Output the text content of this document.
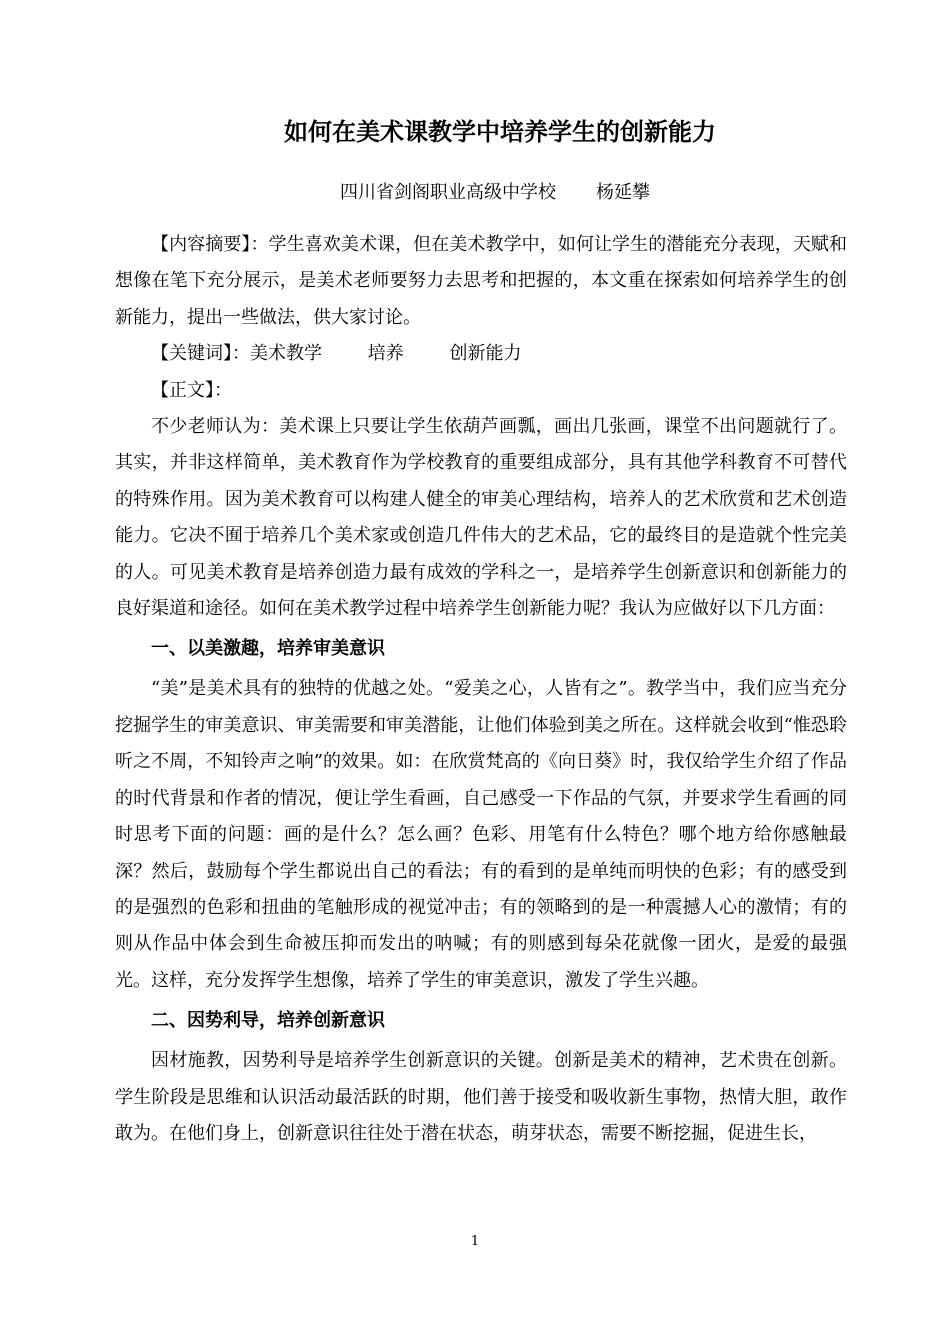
如何在美术课教学中培养学生的创新能力
四川省剑阁职业高级中学校       杨延攀

【内容摘要】：学生喜欢美术课，但在美术教学中，如何让学生的潜能充分表现，天赋和想像在笔下充分展示，是美术老师要努力去思考和把握的，本文重在探索如何培养学生的创新能力，提出一些做法，供大家讨论。

【关键词】：美术教学        培养        创新能力

【正文】：

不少老师认为：美术课上只要让学生依葫芦画瓢，画出几张画，课堂不出问题就行了。其实，并非这样简单，美术教育作为学校教育的重要组成部分，具有其他学科教育不可替代的特殊作用。因为美术教育可以构建人健全的审美心理结构，培养人的艺术欣赏和艺术创造能力。它决不囿于培养几个美术家或创造几件伟大的艺术品，它的最终目的是造就个性完美的人。可见美术教育是培养创造力最有成效的学科之一，是培养学生创新意识和创新能力的良好渠道和途径。如何在美术教学过程中培养学生创新能力呢？我认为应做好以下几方面：

一、以美激趣，培养审美意识

“美”是美术具有的独特的优越之处。“爱美之心，人皆有之”。教学当中，我们应当充分挖掘学生的审美意识、审美需要和审美潜能，让他们体验到美之所在。这样就会收到“惟恐聆听之不周，不知铃声之响”的效果。如：在欣赏梵高的《向日葵》时，我仅给学生介绍了作品的时代背景和作者的情况，便让学生看画，自己感受一下作品的气氛，并要求学生看画的同时思考下面的问题：画的是什么？怎么画？色彩、用笔有什么特色？哪个地方给你感触最深？然后，鼓励每个学生都说出自己的看法；有的看到的是单纯而明快的色彩；有的感受到的是强烈的色彩和扭曲的笔触形成的视觉冲击；有的领略到的是一种震撼人心的激情；有的则从作品中体会到生命被压抑而发出的呐喊；有的则感到每朵花就像一团火，是爱的最强光。这样，充分发挥学生想像，培养了学生的审美意识，激发了学生兴趣。

二、因势利导，培养创新意识

因材施教，因势利导是培养学生创新意识的关键。创新是美术的精神，艺术贵在创新。学生阶段是思维和认识活动最活跃的时期，他们善于接受和吸收新生事物，热情大胆，敢作敢为。在他们身上，创新意识往往处于潜在状态，萌芽状态，需要不断挖掘，促进生长，

1
